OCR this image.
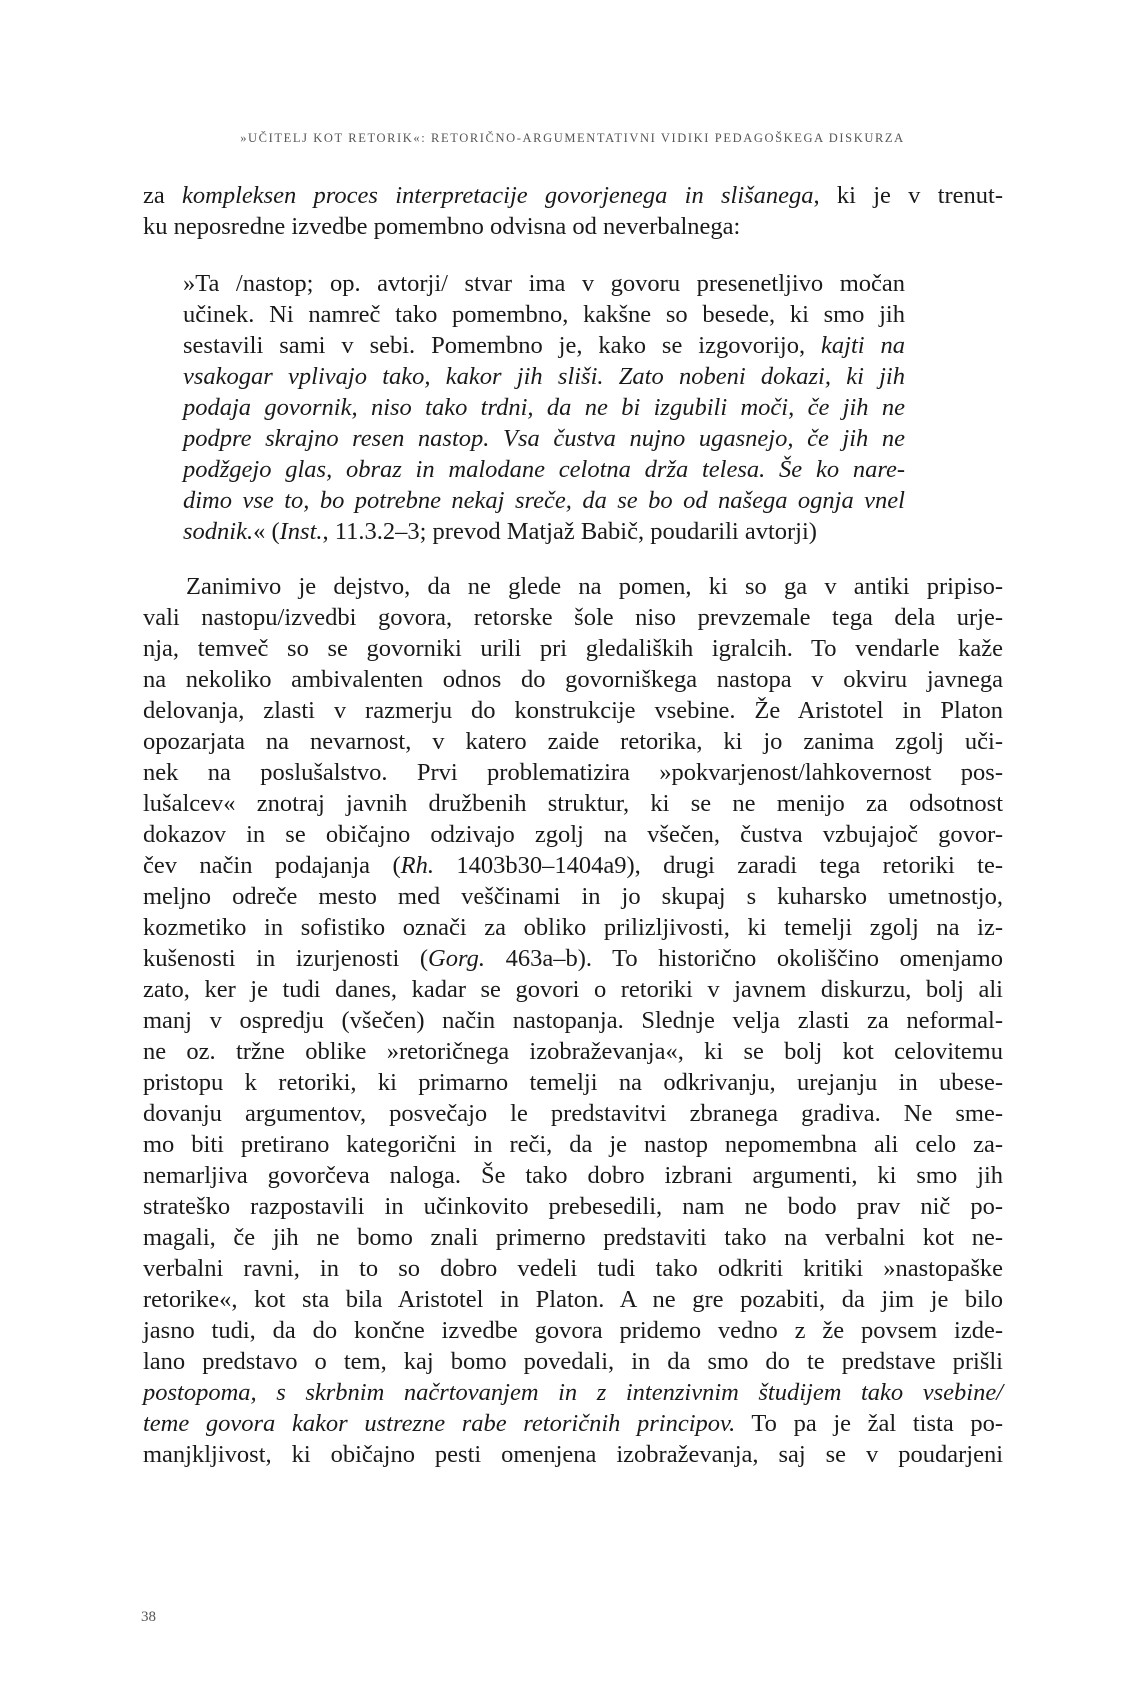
»UČITELJ KOT RETORIK«: RETORIČNO-ARGUMENTATIVNI VIDIKI PEDAGOŠKEGA DISKURZA
za kompleksen proces interpretacije govorjenega in slišanega, ki je v trenut-
ku neposredne izvedbe pomembno odvisna od neverbalnega:
»Ta /nastop; op. avtorji/ stvar ima v govoru presenetljivo močan
učinek. Ni namreč tako pomembno, kakšne so besede, ki smo jih
sestavili sami v sebi. Pomembno je, kako se izgovorijo, kajti na
vsakogar vplivajo tako, kakor jih sliši. Zato nobeni dokazi, ki jih
podaja govornik, niso tako trdni, da ne bi izgubili moči, če jih ne
podpre skrajno resen nastop. Vsa čustva nujno ugasnejo, če jih ne
podžgejo glas, obraz in malodane celotna drža telesa. Še ko nare-
dimo vse to, bo potrebne nekaj sreče, da se bo od našega ognja vnel
sodnik.« (Inst., 11.3.2–3; prevod Matjaž Babič, poudarili avtorji)
Zanimivo je dejstvo, da ne glede na pomen, ki so ga v antiki pripiso-
vali nastopu/izvedbi govora, retorske šole niso prevzemale tega dela urje-
nja, temveč so se govorniki urili pri gledaliških igralcih. To vendarle kaže
na nekoliko ambivalenten odnos do govorniškega nastopa v okviru javnega
delovanja, zlasti v razmerju do konstrukcije vsebine. Že Aristotel in Platon
opozarjata na nevarnost, v katero zaide retorika, ki jo zanima zgolj uči-
nek na poslušalstvo. Prvi problematizira »pokvarjenost/lahkovernost pos-
lušalcev« znotraj javnih družbenih struktur, ki se ne menijo za odsotnost
dokazov in se običajno odzivajo zgolj na všečen, čustva vzbujajoč govor-
čev način podajanja (Rh. 1403b30–1404a9), drugi zaradi tega retoriki te-
meljno odreče mesto med veščinami in jo skupaj s kuharsko umetnostjo,
kozmetiko in sofistiko označi za obliko prilizljivosti, ki temelji zgolj na iz-
kušenosti in izurjenosti (Gorg. 463a–b). To historično okoliščino omenjamo
zato, ker je tudi danes, kadar se govori o retoriki v javnem diskurzu, bolj ali
manj v ospredju (všečen) način nastopanja. Slednje velja zlasti za neformal-
ne oz. tržne oblike »retoričnega izobraževanja«, ki se bolj kot celovitemu
pristopu k retoriki, ki primarno temelji na odkrivanju, urejanju in ubese-
dovanju argumentov, posvečajo le predstavitvi zbranega gradiva. Ne sme-
mo biti pretirano kategorični in reči, da je nastop nepomembna ali celo za-
nemarljiva govorčeva naloga. Še tako dobro izbrani argumenti, ki smo jih
strateško razpostavili in učinkovito prebesedili, nam ne bodo prav nič po-
magali, če jih ne bomo znali primerno predstaviti tako na verbalni kot ne-
verbalni ravni, in to so dobro vedeli tudi tako odkriti kritiki »nastopaške
retorike«, kot sta bila Aristotel in Platon. A ne gre pozabiti, da jim je bilo
jasno tudi, da do končne izvedbe govora pridemo vedno z že povsem izde-
lano predstavo o tem, kaj bomo povedali, in da smo do te predstave prišli
postopoma, s skrbnim načrtovanjem in z intenzivnim študijem tako vsebine/
teme govora kakor ustrezne rabe retoričnih principov. To pa je žal tista po-
manjkljivost, ki običajno pesti omenjena izobraževanja, saj se v poudarjeni
38
